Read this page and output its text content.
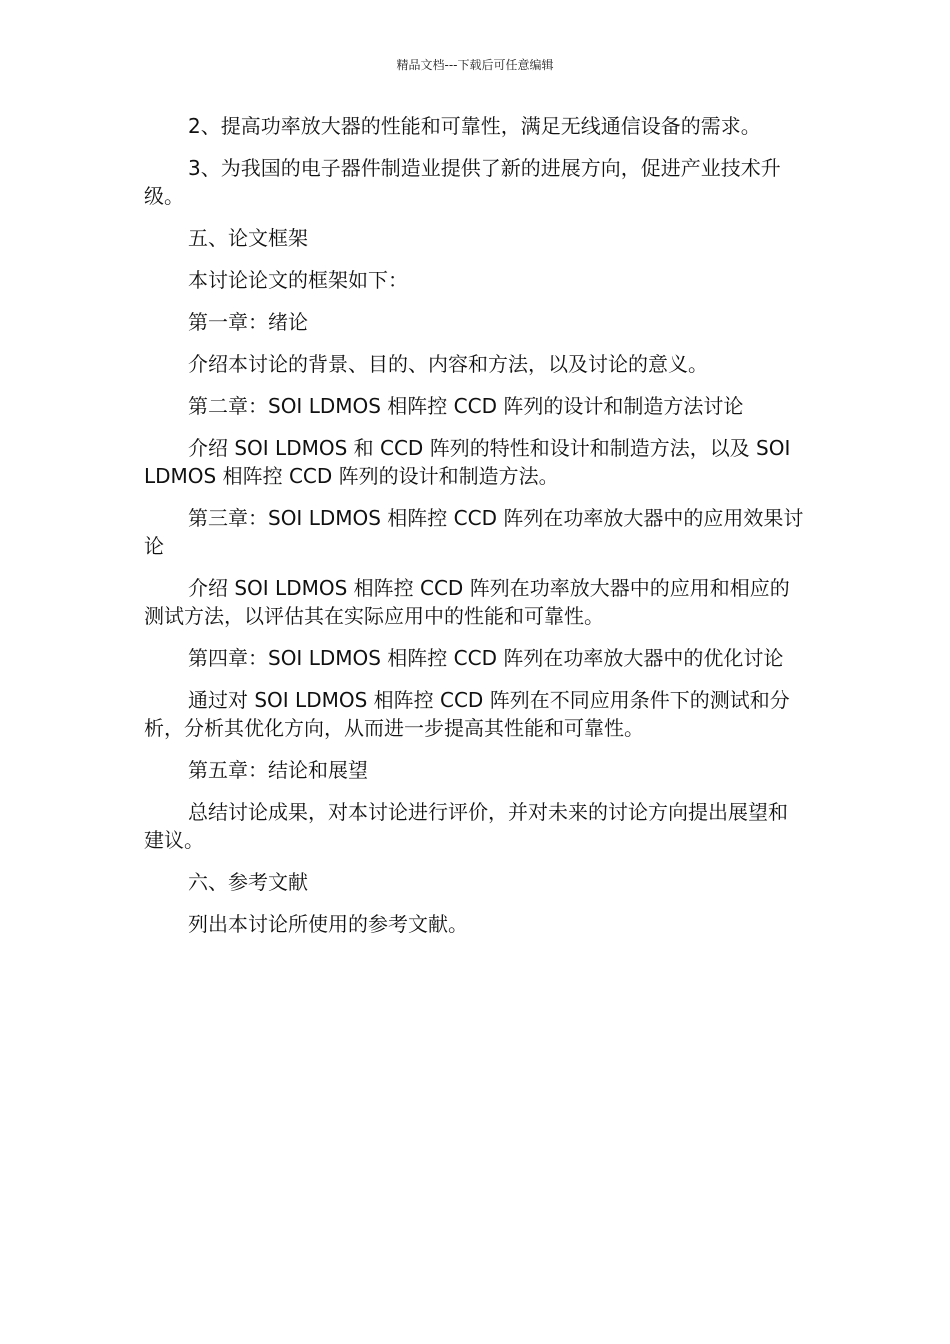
精品文档---下载后可任意编辑

2、提高功率放大器的性能和可靠性，满足无线通信设备的需求。

3、为我国的电子器件制造业提供了新的进展方向，促进产业技术升级。

五、论文框架

本讨论论文的框架如下：

第一章：绪论

介绍本讨论的背景、目的、内容和方法，以及讨论的意义。

第二章：SOI LDMOS 相阵控 CCD 阵列的设计和制造方法讨论

介绍 SOI LDMOS 和 CCD 阵列的特性和设计和制造方法，以及 SOI LDMOS 相阵控 CCD 阵列的设计和制造方法。

第三章：SOI LDMOS 相阵控 CCD 阵列在功率放大器中的应用效果讨论

介绍 SOI LDMOS 相阵控 CCD 阵列在功率放大器中的应用和相应的测试方法，以评估其在实际应用中的性能和可靠性。

第四章：SOI LDMOS 相阵控 CCD 阵列在功率放大器中的优化讨论

通过对 SOI LDMOS 相阵控 CCD 阵列在不同应用条件下的测试和分析，分析其优化方向，从而进一步提高其性能和可靠性。

第五章：结论和展望

总结讨论成果，对本讨论进行评价，并对未来的讨论方向提出展望和建议。

六、参考文献

列出本讨论所使用的参考文献。
